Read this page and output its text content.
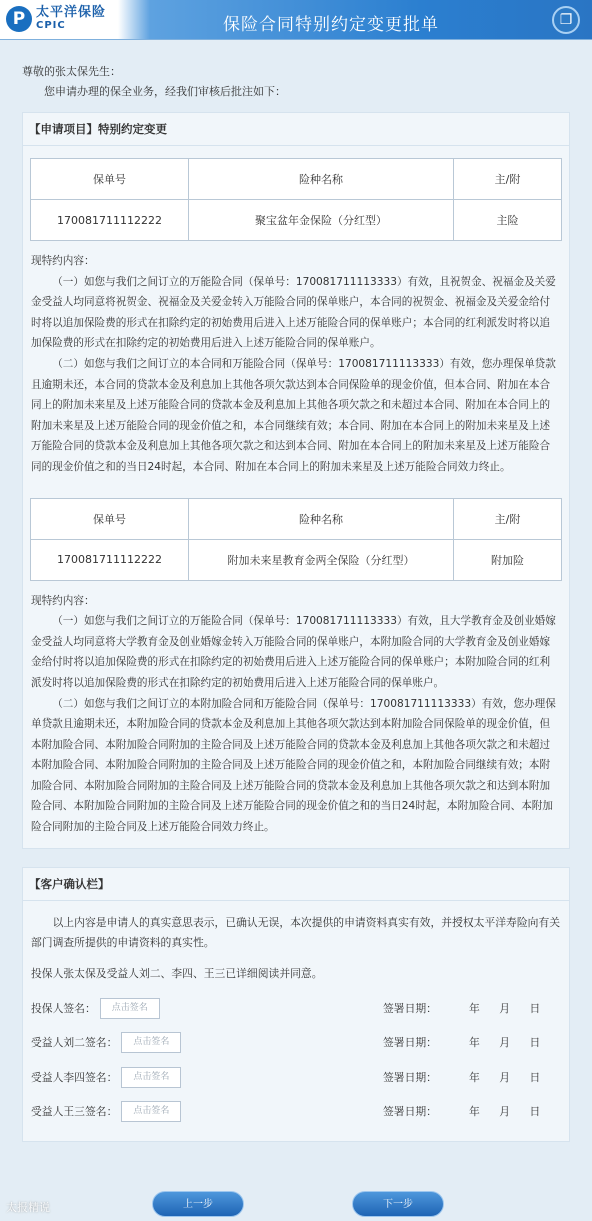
P 太平洋保险
CPIC	保险合同特别约定变更批单	❐
尊敬的张太保先生：
您申请办理的保全业务，经我们审核后批注如下：
【申请项目】特别约定变更
保单号	险种名称	主/附
170081711112222	聚宝盆年金保险（分红型）	主险
现特约内容：
（一）如您与我们之间订立的万能险合同（保单号：170081711113333）有效，且祝贺金、祝福金及关爱金受益人均同意将祝贺金、祝福金及关爱金转入万能险合同的保单账户，本合同的祝贺金、祝福金及关爱金给付时将以追加保险费的形式在扣除约定的初始费用后进入上述万能险合同的保单账户；本合同的红利派发时将以追加保险费的形式在扣除约定的初始费用后进入上述万能险合同的保单账户。
（二）如您与我们之间订立的本合同和万能险合同（保单号：170081711113333）有效，您办理保单贷款且逾期未还，本合同的贷款本金及利息加上其他各项欠款达到本合同保险单的现金价值，但本合同、附加在本合同上的附加未来星及上述万能险合同的贷款本金及利息加上其他各项欠款之和未超过本合同、附加在本合同上的附加未来星及上述万能险合同的现金价值之和，本合同继续有效；本合同、附加在本合同上的附加未来星及上述万能险合同的贷款本金及利息加上其他各项欠款之和达到本合同、附加在本合同上的附加未来星及上述万能险合同的现金价值之和的当日24时起，本合同、附加在本合同上的附加未来星及上述万能险合同效力终止。
保单号	险种名称	主/附
170081711112222	附加未来星教育金两全保险（分红型）	附加险
现特约内容：
（一）如您与我们之间订立的万能险合同（保单号：170081711113333）有效，且大学教育金及创业婚嫁金受益人均同意将大学教育金及创业婚嫁金转入万能险合同的保单账户，本附加险合同的大学教育金及创业婚嫁金给付时将以追加保险费的形式在扣除约定的初始费用后进入上述万能险合同的保单账户；本附加险合同的红利派发时将以追加保险费的形式在扣除约定的初始费用后进入上述万能险合同的保单账户。
（二）如您与我们之间订立的本附加险合同和万能险合同（保单号：170081711113333）有效，您办理保单贷款且逾期未还，本附加险合同的贷款本金及利息加上其他各项欠款达到本附加险合同保险单的现金价值，但本附加险合同、本附加险合同附加的主险合同及上述万能险合同的贷款本金及利息加上其他各项欠款之和未超过本附加险合同、本附加险合同附加的主险合同及上述万能险合同的现金价值之和，本附加险合同继续有效；本附加险合同、本附加险合同附加的主险合同及上述万能险合同的贷款本金及利息加上其他各项欠款之和达到本附加险合同、本附加险合同附加的主险合同及上述万能险合同的现金价值之和的当日24时起，本附加险合同、本附加险合同附加的主险合同及上述万能险合同效力终止。
【客户确认栏】
以上内容是申请人的真实意思表示，已确认无误，本次提供的申请资料真实有效，并授权太平洋寿险向有关部门调查所提供的申请资料的真实性。
投保人张太保及受益人刘二、李四、王三已详细阅读并同意。
投保人签名：	点击签名	签署日期：	年 月 日
受益人刘二签名：	点击签名	签署日期：	年 月 日
受益人李四签名：	点击签名	签署日期：	年 月 日
受益人王三签名：	点击签名	签署日期：	年 月 日
太报精说	上一步	下一步
